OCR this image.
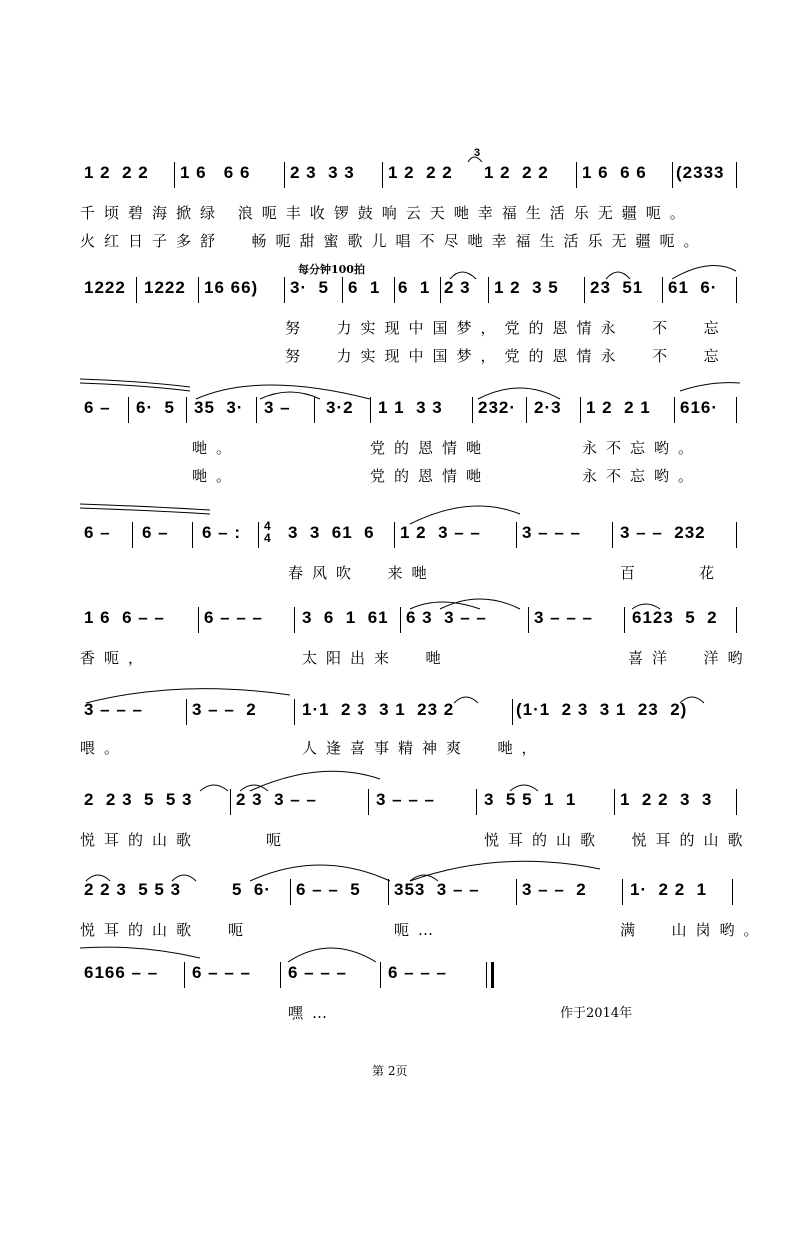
1 2  2 2

1 6   6 6

2 3  3 3

1 2  2 2

1 2  2 2

1 6  6 6

(2333

3
千顷碧海掀绿 浪呃丰收锣鼓响云天哋幸福生活乐无疆呃。
火红日子多舒  畅呃甜蜜歌儿唱不尽哋幸福生活乐无疆呃。
每分钟100拍

1222

1222

16 66)

3·  5

6  1

6  1

2 3

1 2  3 5

23  51

61  6·

努  力实现中国梦，党的恩情永  不  忘
努  力实现中国梦，党的恩情永  不  忘

6 –

6·  5

35  3·

3 –

3·2

1 1  3 3

232·

2·3

1 2  2 1

616·

哋。	党的恩情哋	永不忘哟。
哋。	党的恩情哋	永不忘哟。

6 –

6 –

6 – :

4
4

3  3  61  6

1 2  3 – –

3 – – –

3 – –  232

春风吹  来哋	百    花

1 6  6 – –

6 – – –

3  6  1  61

6 3  3 – –

	3 – – –

6123  5  2

香呃，	太阳出来  哋	喜洋  洋哟

3 – – –

	3 – –  2

	1·1  2 3  3 1  23 2

	(1·1  2 3  3 1  23  2)

喂。	人逢喜事精神爽  哋，

2  2 3  5  5 3

	2 3  3 – –

	3 – – –

	3  5 5  1  1

	1  2 2  3  3

悦耳的山歌	呃	悦耳的山歌  悦耳的山歌

2 2 3  5 5 3

	5  6·

6 – –  5

353  3 – –

3 – –  2

	1·  2 2  1

悦耳的山歌 呃	呃…	满  山岗哟。

6166 – –

6 – – –

6 – – –

6 – – –

嘿…	作于2014年
第 2页
